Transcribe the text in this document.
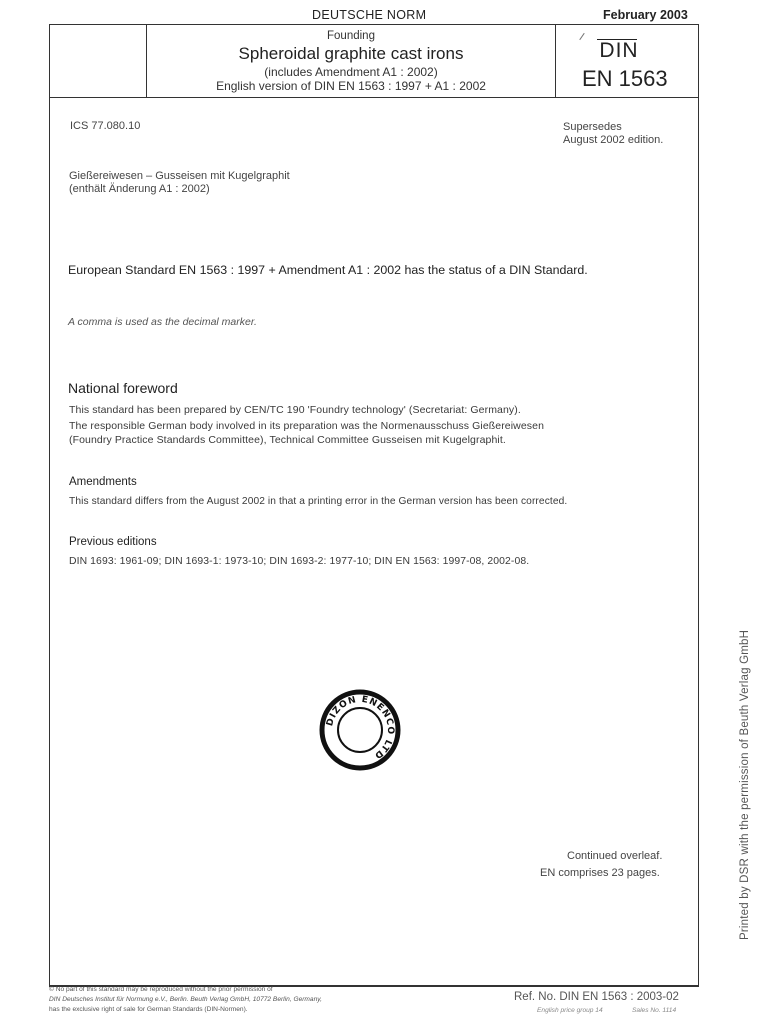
DEUTSCHE NORM	February 2003
Founding
Spheroidal graphite cast irons
(includes Amendment A1 : 2002)
English version of DIN EN 1563 : 1997 + A1 : 2002
DIN
EN 1563
ICS 77.080.10	Supersedes
August 2002 edition.
Gießereiwesen – Gusseisen mit Kugelgraphit
(enthält Änderung A1 : 2002)
European Standard EN 1563 : 1997 + Amendment A1 : 2002 has the status of a DIN Standard.
A comma is used as the decimal marker.
National foreword
This standard has been prepared by CEN/TC 190 'Foundry technology' (Secretariat: Germany).
The responsible German body involved in its preparation was the Normenausschuss Gießereiwesen
(Foundry Practice Standards Committee), Technical Committee Gusseisen mit Kugelgraphit.
Amendments
This standard differs from the August 2002 in that a printing error in the German version has been corrected.
Previous editions
DIN 1693: 1961-09; DIN 1693-1: 1973-10; DIN 1693-2: 1977-10; DIN EN 1563: 1997-08, 2002-08.
DIZON ENENCO LTD
Continued overleaf.
EN comprises 23 pages.
© No part of this standard may be reproduced without the prior permission of
DIN Deutsches Institut für Normung e.V., Berlin. Beuth Verlag GmbH, 10772 Berlin, Germany,
has the exclusive right of sale for German Standards (DIN-Normen).
Ref. No. DIN EN 1563 : 2003-02
English price group 14	Sales No. 1114
Printed by DSR with the permission of Beuth Verlag GmbH
